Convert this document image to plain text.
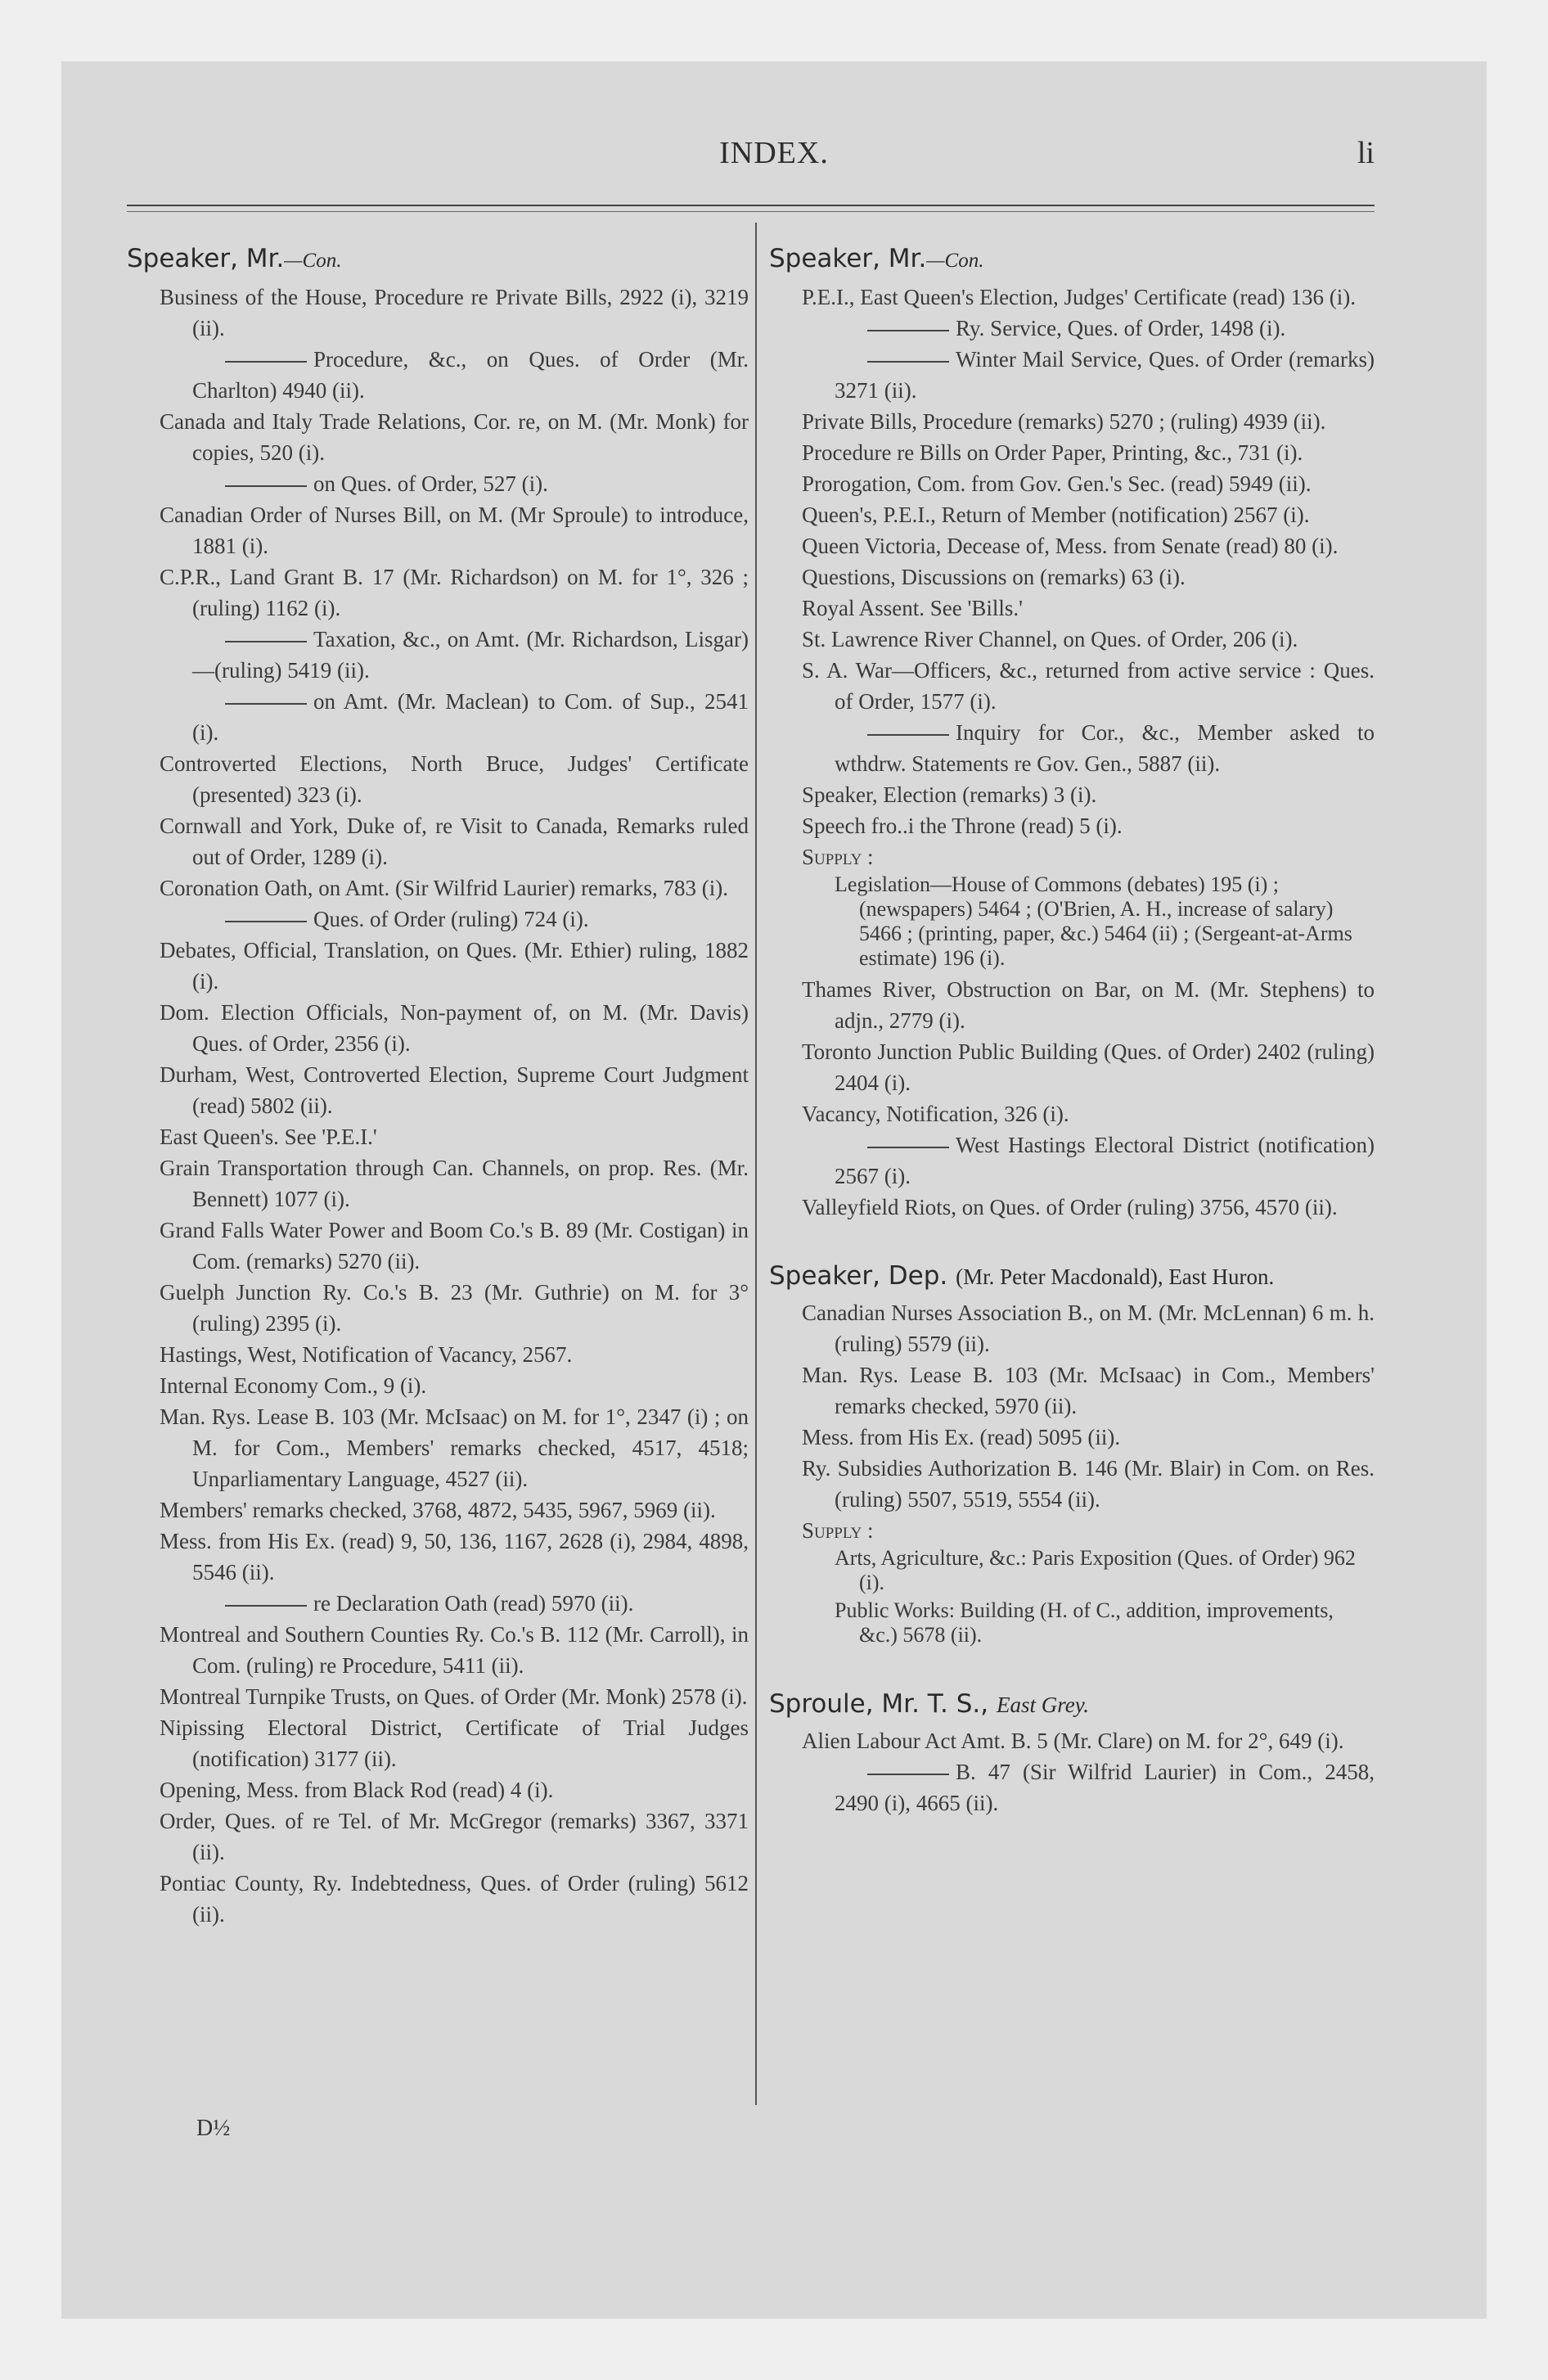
INDEX.	li
Speaker, Mr.—Con.
Business of the House, Procedure re Private Bills, 2922 (i), 3219 (ii).
Procedure, &c., on Ques. of Order (Mr. Charlton) 4940 (ii).
Canada and Italy Trade Relations, Cor. re, on M. (Mr. Monk) for copies, 520 (i).
on Ques. of Order, 527 (i).
Canadian Order of Nurses Bill, on M. (Mr Sproule) to introduce, 1881 (i).
C.P.R., Land Grant B. 17 (Mr. Richardson) on M. for 1°, 326 ; (ruling) 1162 (i).
Taxation, &c., on Amt. (Mr. Richardson, Lisgar)—(ruling) 5419 (ii).
on Amt. (Mr. Maclean) to Com. of Sup., 2541 (i).
Controverted Elections, North Bruce, Judges' Certificate (presented) 323 (i).
Cornwall and York, Duke of, re Visit to Canada, Remarks ruled out of Order, 1289 (i).
Coronation Oath, on Amt. (Sir Wilfrid Laurier) remarks, 783 (i).
Ques. of Order (ruling) 724 (i).
Debates, Official, Translation, on Ques. (Mr. Ethier) ruling, 1882 (i).
Dom. Election Officials, Non-payment of, on M. (Mr. Davis) Ques. of Order, 2356 (i).
Durham, West, Controverted Election, Supreme Court Judgment (read) 5802 (ii).
East Queen's. See 'P.E.I.'
Grain Transportation through Can. Channels, on prop. Res. (Mr. Bennett) 1077 (i).
Grand Falls Water Power and Boom Co.'s B. 89 (Mr. Costigan) in Com. (remarks) 5270 (ii).
Guelph Junction Ry. Co.'s B. 23 (Mr. Guthrie) on M. for 3° (ruling) 2395 (i).
Hastings, West, Notification of Vacancy, 2567.
Internal Economy Com., 9 (i).
Man. Rys. Lease B. 103 (Mr. McIsaac) on M. for 1°, 2347 (i) ; on M. for Com., Members' remarks checked, 4517, 4518; Unparliamentary Language, 4527 (ii).
Members' remarks checked, 3768, 4872, 5435, 5967, 5969 (ii).
Mess. from His Ex. (read) 9, 50, 136, 1167, 2628 (i), 2984, 4898, 5546 (ii).
re Declaration Oath (read) 5970 (ii).
Montreal and Southern Counties Ry. Co.'s B. 112 (Mr. Carroll), in Com. (ruling) re Procedure, 5411 (ii).
Montreal Turnpike Trusts, on Ques. of Order (Mr. Monk) 2578 (i).
Nipissing Electoral District, Certificate of Trial Judges (notification) 3177 (ii).
Opening, Mess. from Black Rod (read) 4 (i).
Order, Ques. of re Tel. of Mr. McGregor (remarks) 3367, 3371 (ii).
Pontiac County, Ry. Indebtedness, Ques. of Order (ruling) 5612 (ii).
Speaker, Mr.—Con.
P.E.I., East Queen's Election, Judges' Certificate (read) 136 (i).
Ry. Service, Ques. of Order, 1498 (i).
Winter Mail Service, Ques. of Order (remarks) 3271 (ii).
Private Bills, Procedure (remarks) 5270 ; (ruling) 4939 (ii).
Procedure re Bills on Order Paper, Printing, &c., 731 (i).
Prorogation, Com. from Gov. Gen.'s Sec. (read) 5949 (ii).
Queen's, P.E.I., Return of Member (notification) 2567 (i).
Queen Victoria, Decease of, Mess. from Senate (read) 80 (i).
Questions, Discussions on (remarks) 63 (i).
Royal Assent. See 'Bills.'
St. Lawrence River Channel, on Ques. of Order, 206 (i).
S. A. War—Officers, &c., returned from active service : Ques. of Order, 1577 (i).
Inquiry for Cor., &c., Member asked to wthdrw. Statements re Gov. Gen., 5887 (ii).
Speaker, Election (remarks) 3 (i).
Speech fro..i the Throne (read) 5 (i).
Supply :
Legislation—House of Commons (debates) 195 (i) ; (newspapers) 5464 ; (O'Brien, A. H., increase of salary) 5466 ; (printing, paper, &c.) 5464 (ii) ; (Sergeant-at-Arms estimate) 196 (i).
Thames River, Obstruction on Bar, on M. (Mr. Stephens) to adjn., 2779 (i).
Toronto Junction Public Building (Ques. of Order) 2402 (ruling) 2404 (i).
Vacancy, Notification, 326 (i).
West Hastings Electoral District (notification) 2567 (i).
Valleyfield Riots, on Ques. of Order (ruling) 3756, 4570 (ii).
Speaker, Dep. (Mr. Peter Macdonald), East Huron.
Canadian Nurses Association B., on M. (Mr. McLennan) 6 m. h. (ruling) 5579 (ii).
Man. Rys. Lease B. 103 (Mr. McIsaac) in Com., Members' remarks checked, 5970 (ii).
Mess. from His Ex. (read) 5095 (ii).
Ry. Subsidies Authorization B. 146 (Mr. Blair) in Com. on Res. (ruling) 5507, 5519, 5554 (ii).
Supply :
Arts, Agriculture, &c.: Paris Exposition (Ques. of Order) 962 (i).
Public Works: Building (H. of C., addition, improvements, &c.) 5678 (ii).
Sproule, Mr. T. S., East Grey.
Alien Labour Act Amt. B. 5 (Mr. Clare) on M. for 2°, 649 (i).
B. 47 (Sir Wilfrid Laurier) in Com., 2458, 2490 (i), 4665 (ii).
D½
